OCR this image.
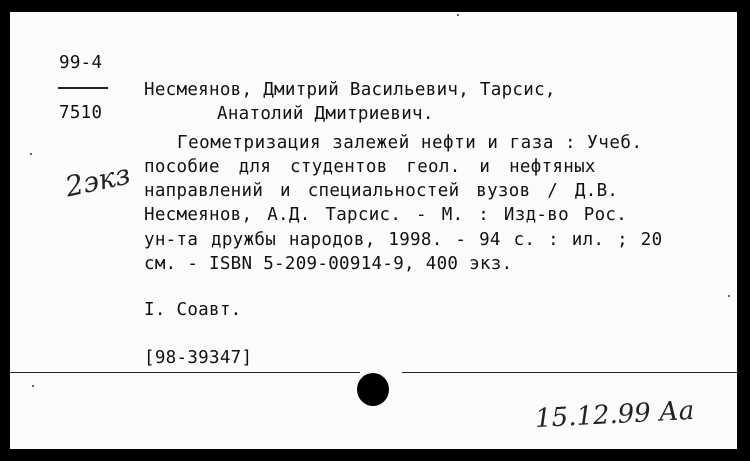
99-4
7510
2экз
Несмеянов, Дмитрий Васильевич, Тарсис,
Анатолий Дмитриевич.
Геометризация залежей нефти и газа : Учеб.
пособие для студентов геол. и нефтяных
направлений и специальностей вузов / Д.В.
Несмеянов, А.Д. Тарсис. - М. : Изд-во Рос.
ун-та дружбы народов, 1998. - 94 с. : ил. ; 20
см. - ISBN 5-209-00914-9, 400 экз.
I. Соавт.
[98-39347]
15.12.99 Аа
